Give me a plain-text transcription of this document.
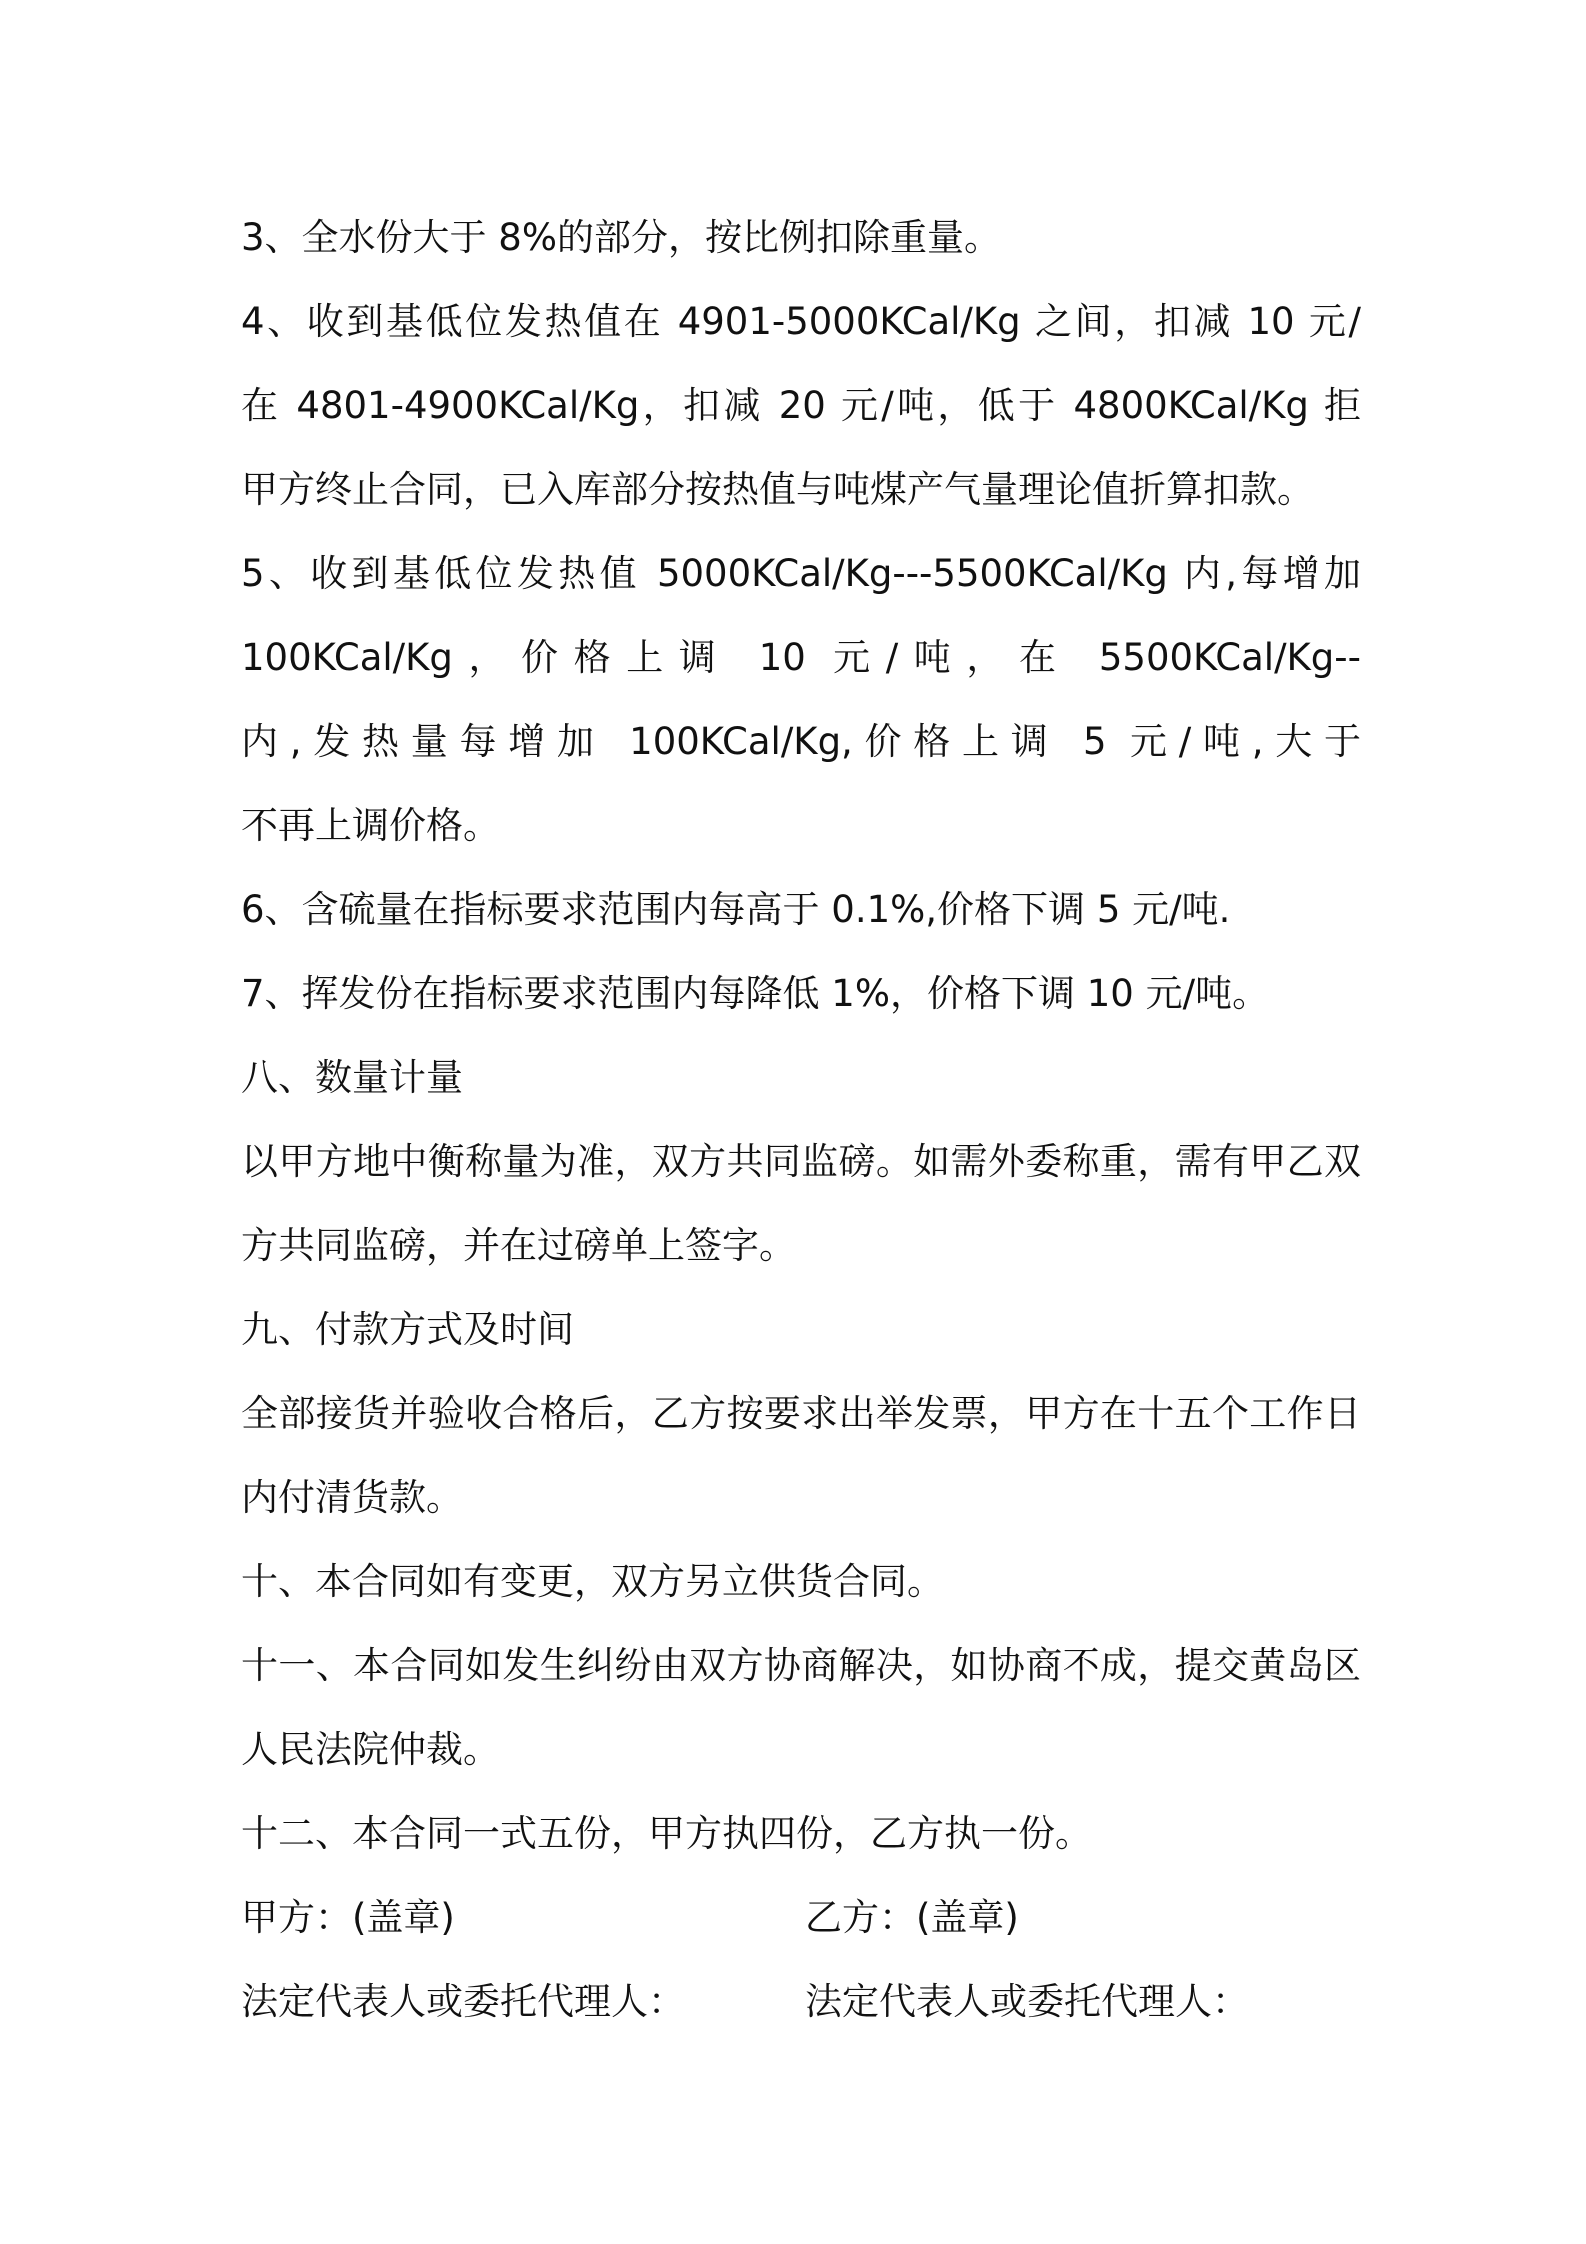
3、全水份大于 8%的部分，按比例扣除重量。
4、收到基低位发热值在 4901-5000KCal/Kg 之间，扣减 10 元/
在 4801-4900KCal/Kg，扣减 20 元/吨，低于 4800KCal/Kg 拒
甲方终止合同，已入库部分按热值与吨煤产气量理论值折算扣款。
5、收到基低位发热值 5000KCal/Kg---5500KCal/Kg 内,每增加
100KCal/Kg，价格上调 10 元/吨，在 5500KCal/Kg--
内,发热量每增加 100KCal/Kg,价格上调 5 元/吨,大于
不再上调价格。
6、含硫量在指标要求范围内每高于 0.1%,价格下调 5 元/吨.
7、挥发份在指标要求范围内每降低 1%，价格下调 10 元/吨。
八、数量计量
以甲方地中衡称量为准，双方共同监磅。如需外委称重，需有甲乙双
方共同监磅，并在过磅单上签字。
九、付款方式及时间
全部接货并验收合格后，乙方按要求出举发票，甲方在十五个工作日
内付清货款。
十、本合同如有变更，双方另立供货合同。
十一、本合同如发生纠纷由双方协商解决，如协商不成，提交黄岛区
人民法院仲裁。
十二、本合同一式五份，甲方执四份，乙方执一份。
甲方：(盖章)	乙方：(盖章)
法定代表人或委托代理人：	法定代表人或委托代理人：
